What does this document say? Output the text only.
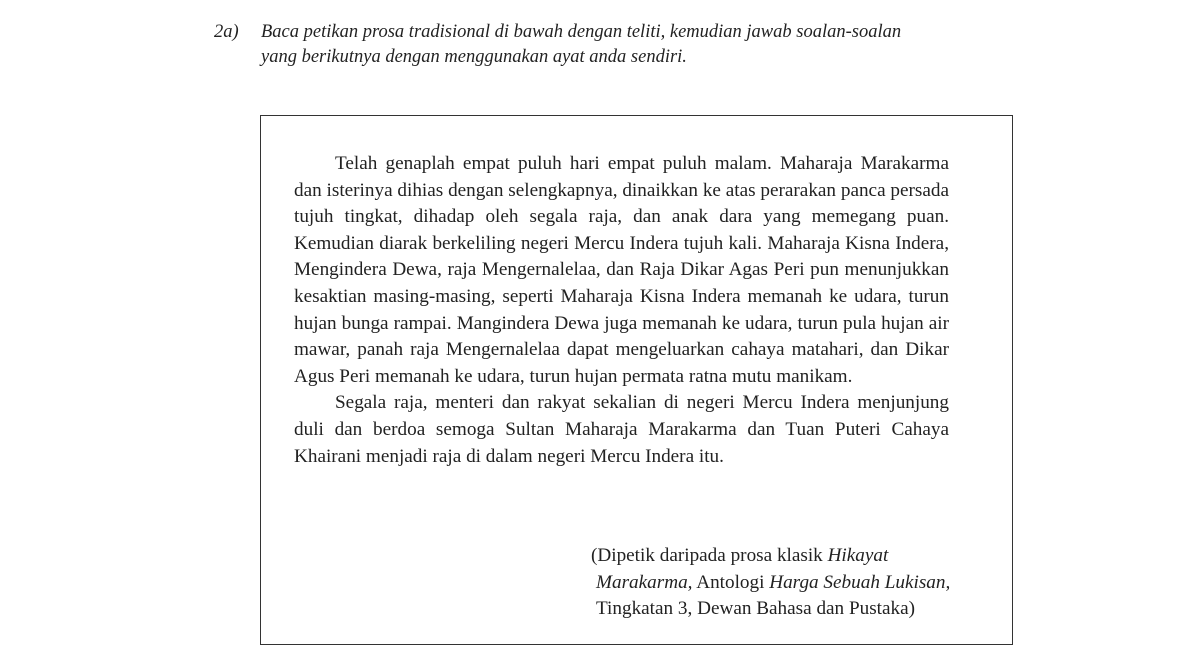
2a) Baca petikan prosa tradisional di bawah dengan teliti, kemudian jawab soalan-soalan
yang berikutnya dengan menggunakan ayat anda sendiri.

Telah genaplah empat puluh hari empat puluh malam. Maharaja Marakarma dan isterinya dihias dengan selengkapnya, dinaikkan ke atas perarakan panca persada tujuh tingkat, dihadap oleh segala raja, dan anak dara yang memegang puan. Kemudian diarak berkeliling negeri Mercu Indera tujuh kali. Maharaja Kisna Indera, Mengindera Dewa, raja Mengernalelaa, dan Raja Dikar Agas Peri pun menunjukkan kesaktian masing-masing, seperti Maharaja Kisna Indera memanah ke udara, turun hujan bunga rampai. Mangindera Dewa juga memanah ke udara, turun pula hujan air mawar, panah raja Mengernalelaa dapat mengeluarkan cahaya matahari, dan Dikar Agus Peri memanah ke udara, turun hujan permata ratna mutu manikam.

Segala raja, menteri dan rakyat sekalian di negeri Mercu Indera menjunjung duli dan berdoa semoga Sultan Maharaja Marakarma dan Tuan Puteri Cahaya Khairani menjadi raja di dalam negeri Mercu Indera itu.

(Dipetik daripada prosa klasik Hikayat
Marakarma, Antologi Harga Sebuah Lukisan,
Tingkatan 3, Dewan Bahasa dan Pustaka)
